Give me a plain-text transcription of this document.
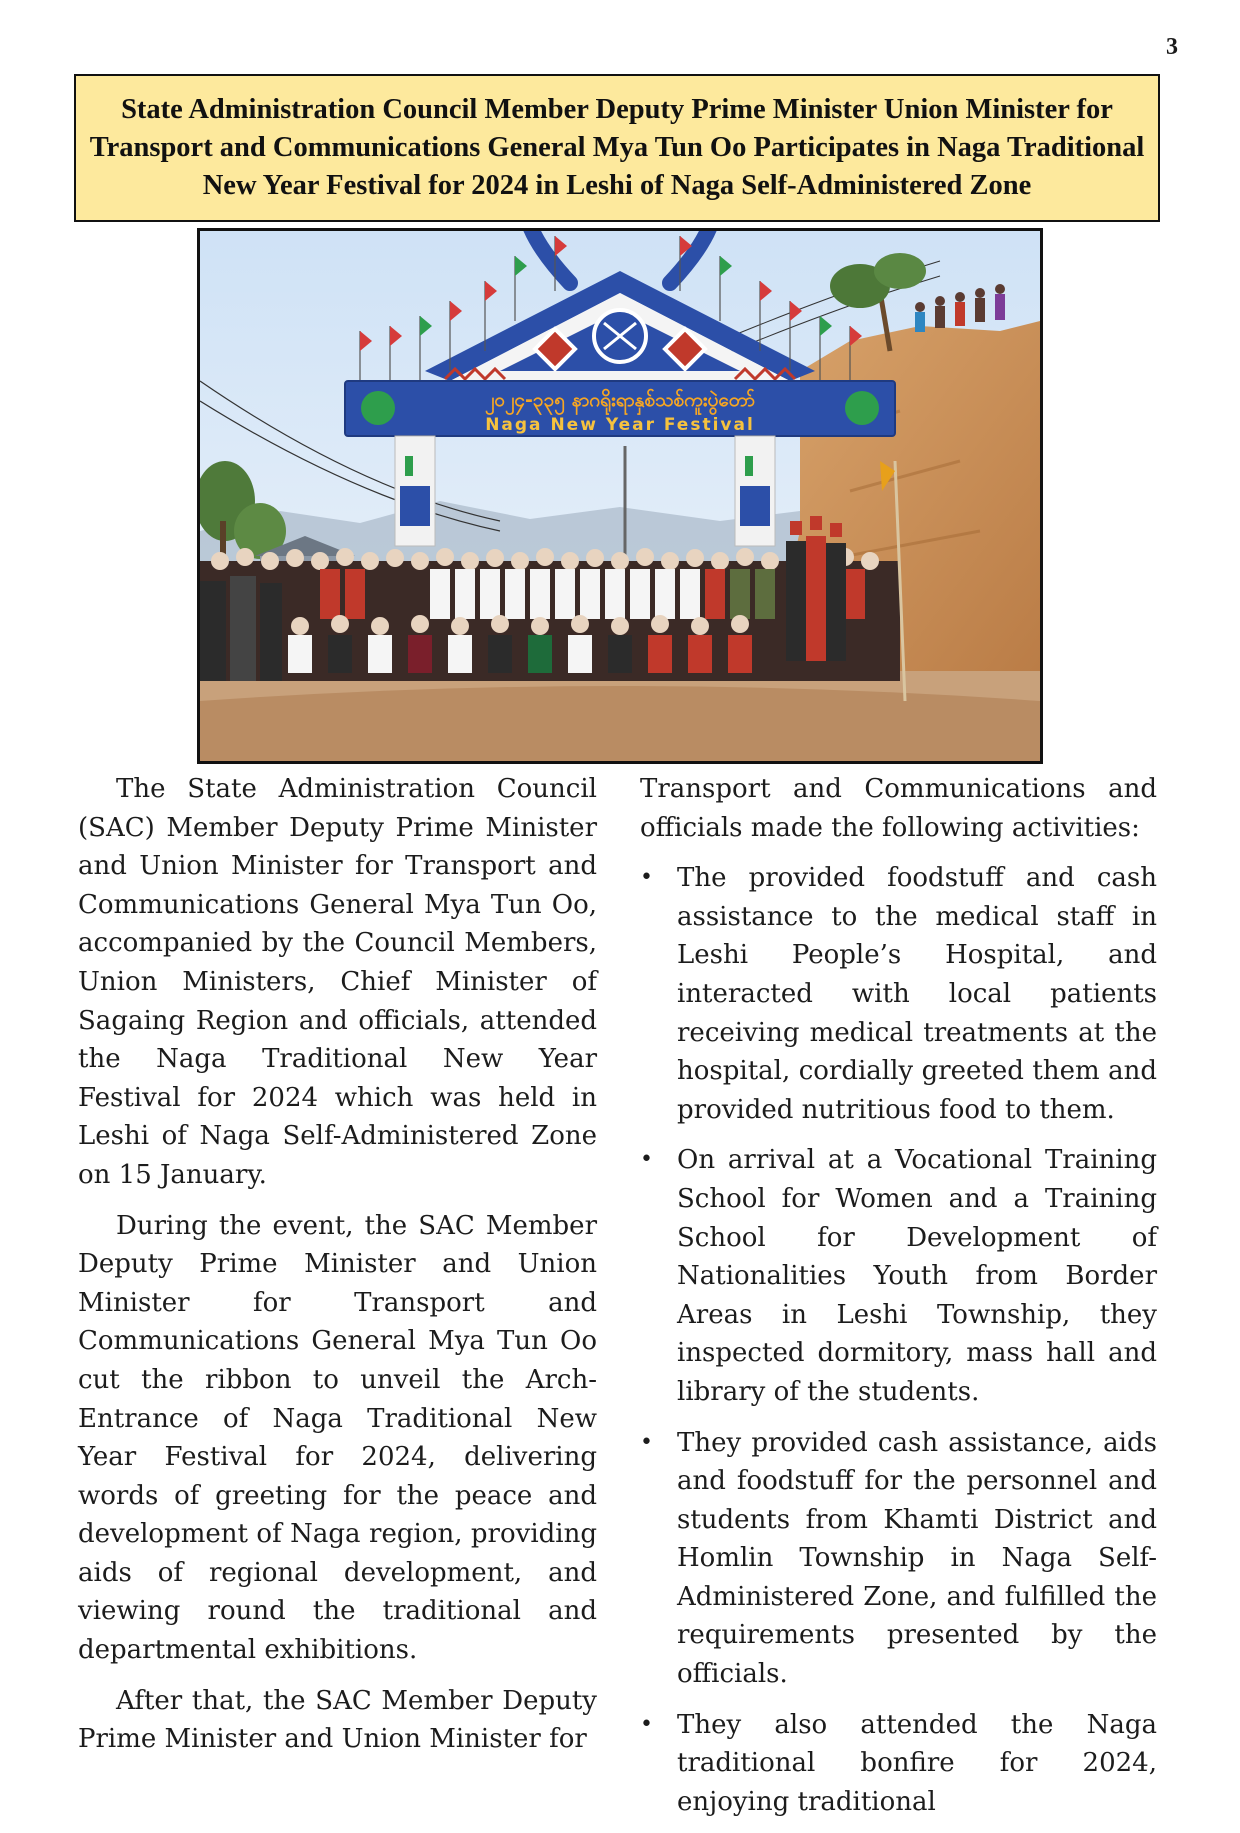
3
State Administration Council Member Deputy Prime Minister Union Minister for Transport and Communications General Mya Tun Oo Participates in Naga Traditional New Year Festival for 2024 in Leshi of Naga Self-Administered Zone
၂၀၂၄-၃၃၅ နာဂရိုးရာနှစ်သစ်ကူးပွဲတော်
Naga New Year Festival

The State Administration Council (SAC) Member Deputy Prime Minister and Union Minister for Transport and Communications General Mya Tun Oo, accompanied by the Council Members, Union Ministers, Chief Minister of Sagaing Region and officials, attended the Naga Traditional New Year Festival for 2024 which was held in Leshi of Naga Self-Administered Zone on 15 January.

During the event, the SAC Member Deputy Prime Minister and Union Minister for Transport and Communications General Mya Tun Oo cut the ribbon to unveil the Arch-Entrance of Naga Traditional New Year Festival for 2024, delivering words of greeting for the peace and development of Naga region, providing aids of regional development, and viewing round the traditional and departmental exhibitions.

After that, the SAC Member Deputy Prime Minister and Union Minister for

Transport and Communications and officials made the following activities:

• The provided foodstuff and cash assistance to the medical staff in Leshi People’s Hospital, and interacted with local patients receiving medical treatments at the hospital, cordially greeted them and provided nutritious food to them.
• On arrival at a Vocational Training School for Women and a Training School for Development of Nationalities Youth from Border Areas in Leshi Township, they inspected dormitory, mass hall and library of the students.
• They provided cash assistance, aids and foodstuff for the personnel and students from Khamti District and Homlin Township in Naga Self-Administered Zone, and fulfilled the requirements presented by the officials.
• They also attended the Naga traditional bonfire for 2024, enjoying traditional
